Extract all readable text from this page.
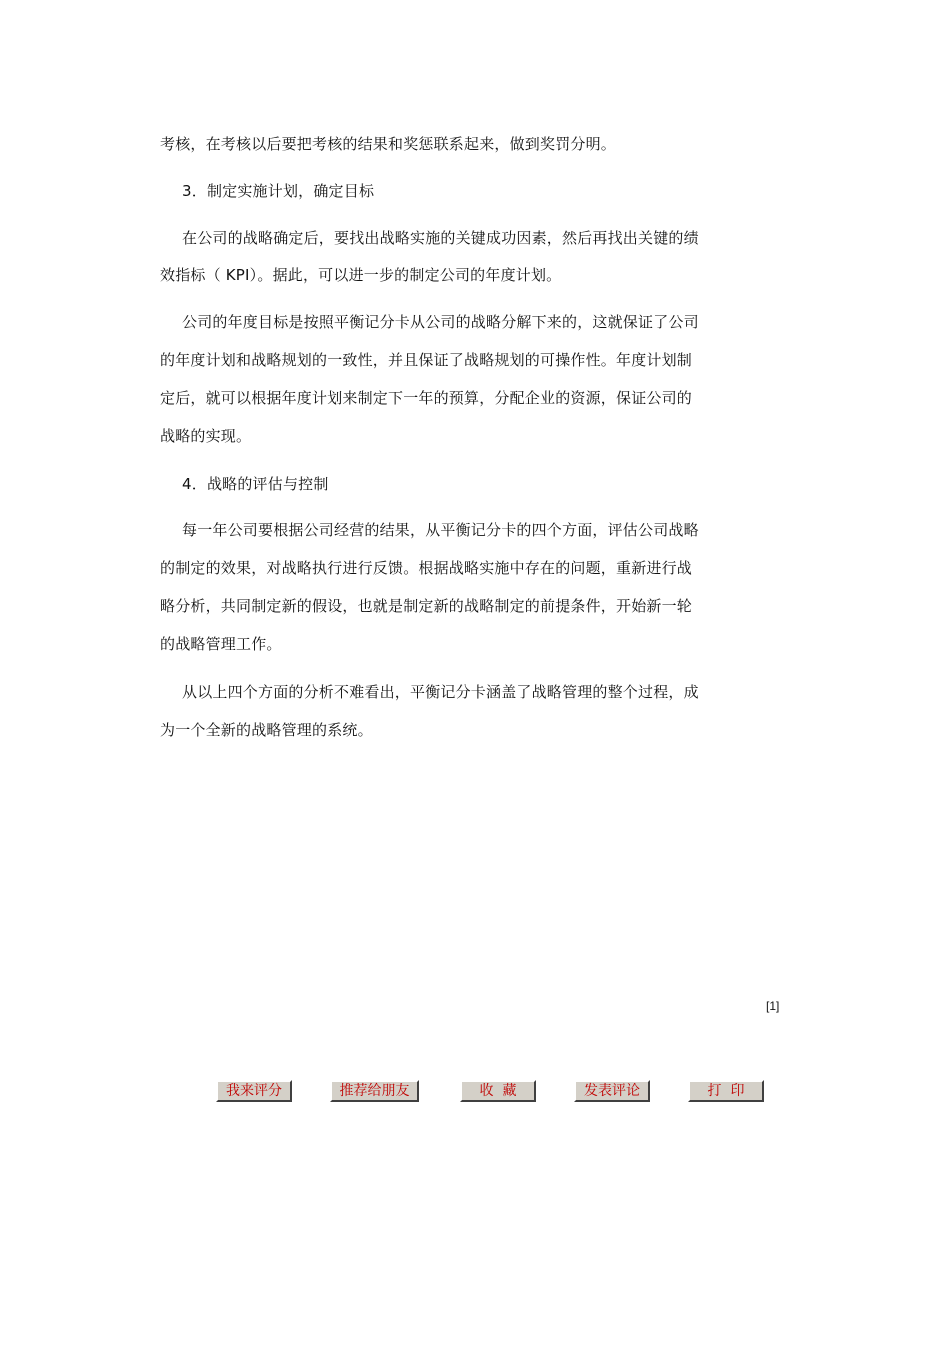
考核，在考核以后要把考核的结果和奖惩联系起来，做到奖罚分明。
3．制定实施计划，确定目标
在公司的战略确定后，要找出战略实施的关键成功因素，然后再找出关键的绩
效指标（ KPI）。据此，可以进一步的制定公司的年度计划。
公司的年度目标是按照平衡记分卡从公司的战略分解下来的，这就保证了公司
的年度计划和战略规划的一致性，并且保证了战略规划的可操作性。年度计划制
定后，就可以根据年度计划来制定下一年的预算，分配企业的资源，保证公司的
战略的实现。
4．战略的评估与控制
每一年公司要根据公司经营的结果，从平衡记分卡的四个方面，评估公司战略
的制定的效果，对战略执行进行反馈。根据战略实施中存在的问题，重新进行战
略分析，共同制定新的假设，也就是制定新的战略制定的前提条件，开始新一轮
的战略管理工作。
从以上四个方面的分析不难看出，平衡记分卡涵盖了战略管理的整个过程，成
为一个全新的战略管理的系统。
[1]
我来评分	推荐给朋友	收  藏	发表评论	打  印
